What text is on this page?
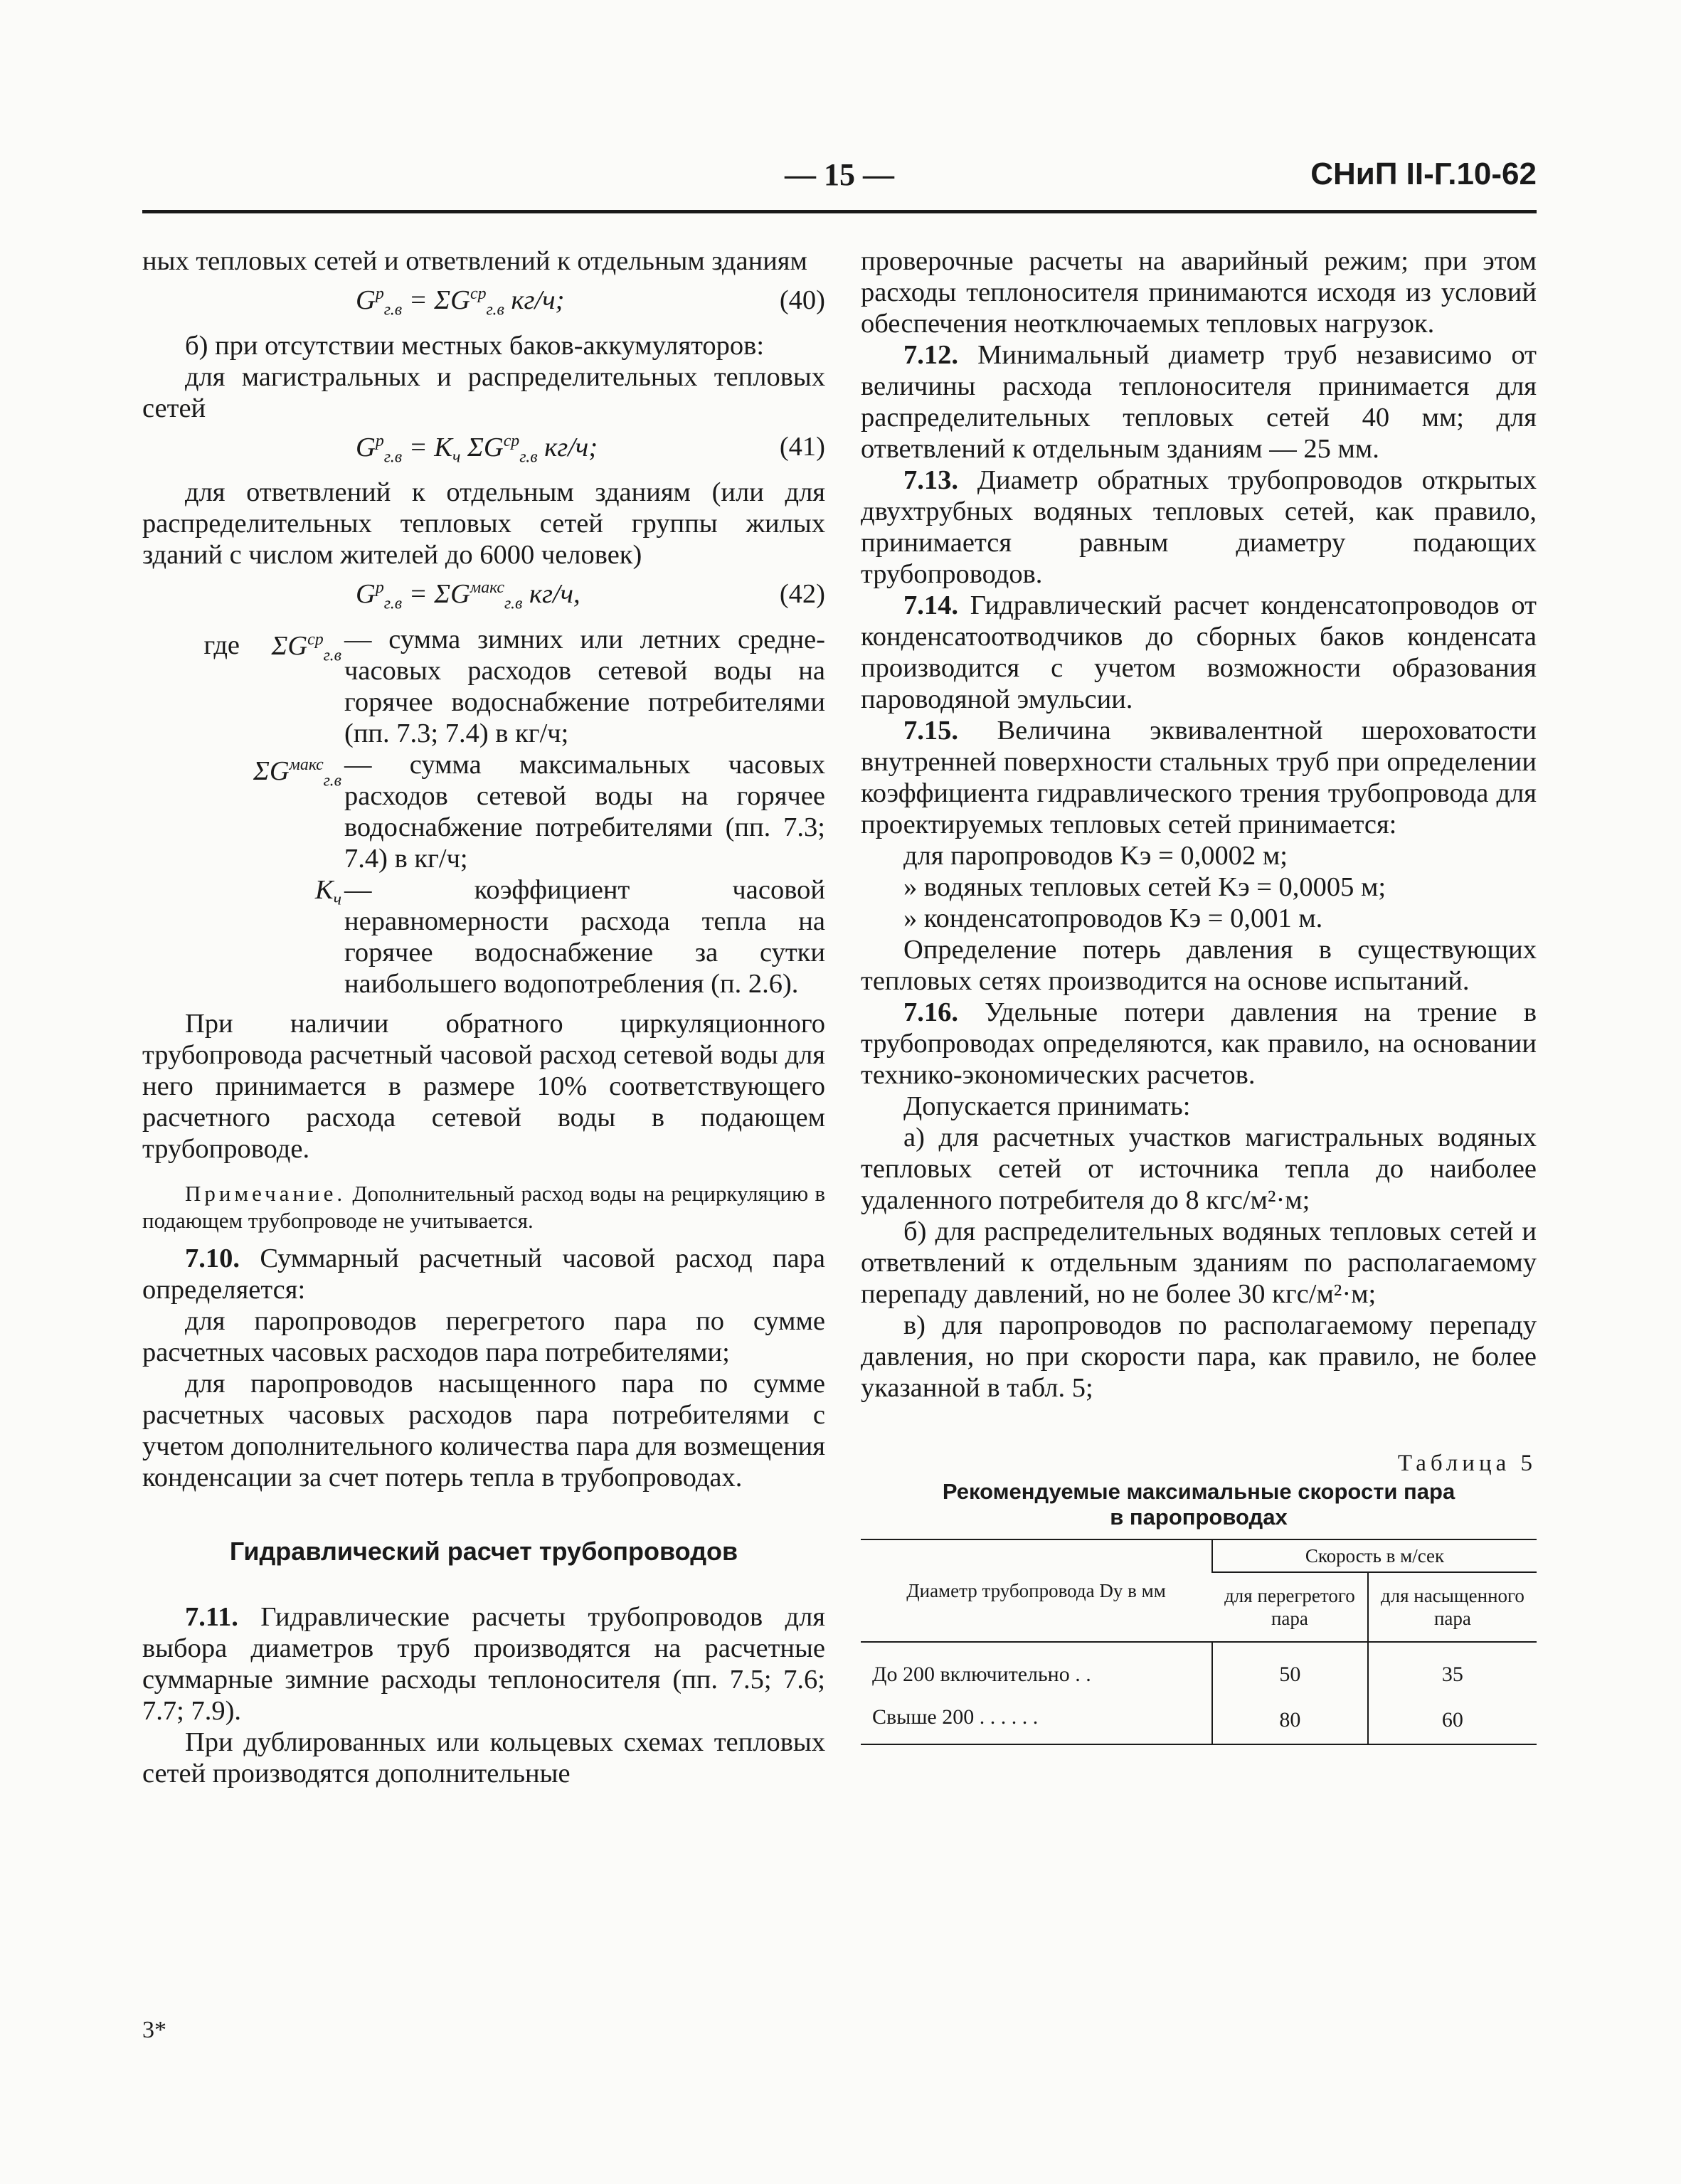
— 15 —	СНиП II-Г.10-62

ных тепловых сетей и ответвлений к отдельным зданиям

$G^р_{г.в} = \Sigma G^{ср}_{г.в}$ кг/ч;	(40)

б) при отсутствии местных баков-аккумуляторов:

для магистральных и распределительных тепловых сетей

$G^р_{г.в} = K_ч$ $\Sigma G^{ср}_{г.в}$ кг/ч;	(41)

для ответвлений к отдельным зданиям (или для распределительных тепловых сетей группы жилых зданий с числом жителей до 6000 человек)

$G^р_{г.в} = \Sigma G^{макс}_{г.в}$ кг/ч,	(42)
где $\Sigma G^{ср}_{г.в}$
— сумма зимних или летних среднечасовых расходов сетевой воды на горячее водоснабжение потребителями (пп. 7.3; 7.4) в кг/ч;
$\Sigma G^{макс}_{г.в}$
— сумма максимальных часовых расходов сетевой воды на горячее водоснабжение потребителями (пп. 7.3; 7.4) в кг/ч;
$K_ч$ — коэффициент часовой неравномерности расхода тепла на горячее водоснабжение за сутки наибольшего водопотребления (п. 2.6).

При наличии обратного циркуляционного трубопровода расчетный часовой расход сетевой воды для него принимается в размере 10% соответствующего расчетного расхода сетевой воды в подающем трубопроводе.

Примечание. Дополнительный расход воды на рециркуляцию в подающем трубопроводе не учитывается.

7.10. Суммарный расчетный часовой расход пара определяется:

для паропроводов перегретого пара по сумме расчетных часовых расходов пара потребителями;

для паропроводов насыщенного пара по сумме расчетных часовых расходов пара потребителями с учетом дополнительного количества пара для возмещения конденсации за счет потерь тепла в трубопроводах.

Гидравлический расчет трубопроводов

7.11. Гидравлические расчеты трубопроводов для выбора диаметров труб производятся на расчетные суммарные зимние расходы теплоносителя (пп. 7.5; 7.6; 7.7; 7.9).

При дублированных или кольцевых схемах тепловых сетей производятся дополнительные

проверочные расчеты на аварийный режим; при этом расходы теплоносителя принимаются исходя из условий обеспечения неотключаемых тепловых нагрузок.

7.12. Минимальный диаметр труб независимо от величины расхода теплоносителя принимается для распределительных тепловых сетей 40 мм; для ответвлений к отдельным зданиям — 25 мм.

7.13. Диаметр обратных трубопроводов открытых двухтрубных водяных тепловых сетей, как правило, принимается равным диаметру подающих трубопроводов.

7.14. Гидравлический расчет конденсатопроводов от конденсатоотводчиков до сборных баков конденсата производится с учетом возможности образования пароводяной эмульсии.

7.15. Величина эквивалентной шероховатости внутренней поверхности стальных труб при определении коэффициента гидравлического трения трубопровода для проектируемых тепловых сетей принимается:

для паропроводов Kэ = 0,0002 м;

» водяных тепловых сетей Kэ = 0,0005 м;

» конденсатопроводов Kэ = 0,001 м.

Определение потерь давления в существующих тепловых сетях производится на основе испытаний.

7.16. Удельные потери давления на трение в трубопроводах определяются, как правило, на основании технико-экономических расчетов.

Допускается принимать:

а) для расчетных участков магистральных водяных тепловых сетей от источника тепла до наиболее удаленного потребителя до 8 кгс/м²·м;

б) для распределительных водяных тепловых сетей и ответвлений к отдельным зданиям по располагаемому перепаду давлений, но не более 30 кгс/м²·м;

в) для паропроводов по располагаемому перепаду давления, но при скорости пара, как правило, не более указанной в табл. 5;

Таблица 5
Рекомендуемые максимальные скорости пара
в паропроводах
Диаметр трубопровода Dу в мм	Скорость в м/сек	
	для перегретого пара	для насыщенного пара
До 200 включительно . .	50	35
Свыше 200 . . . . . .	80	60
3*
